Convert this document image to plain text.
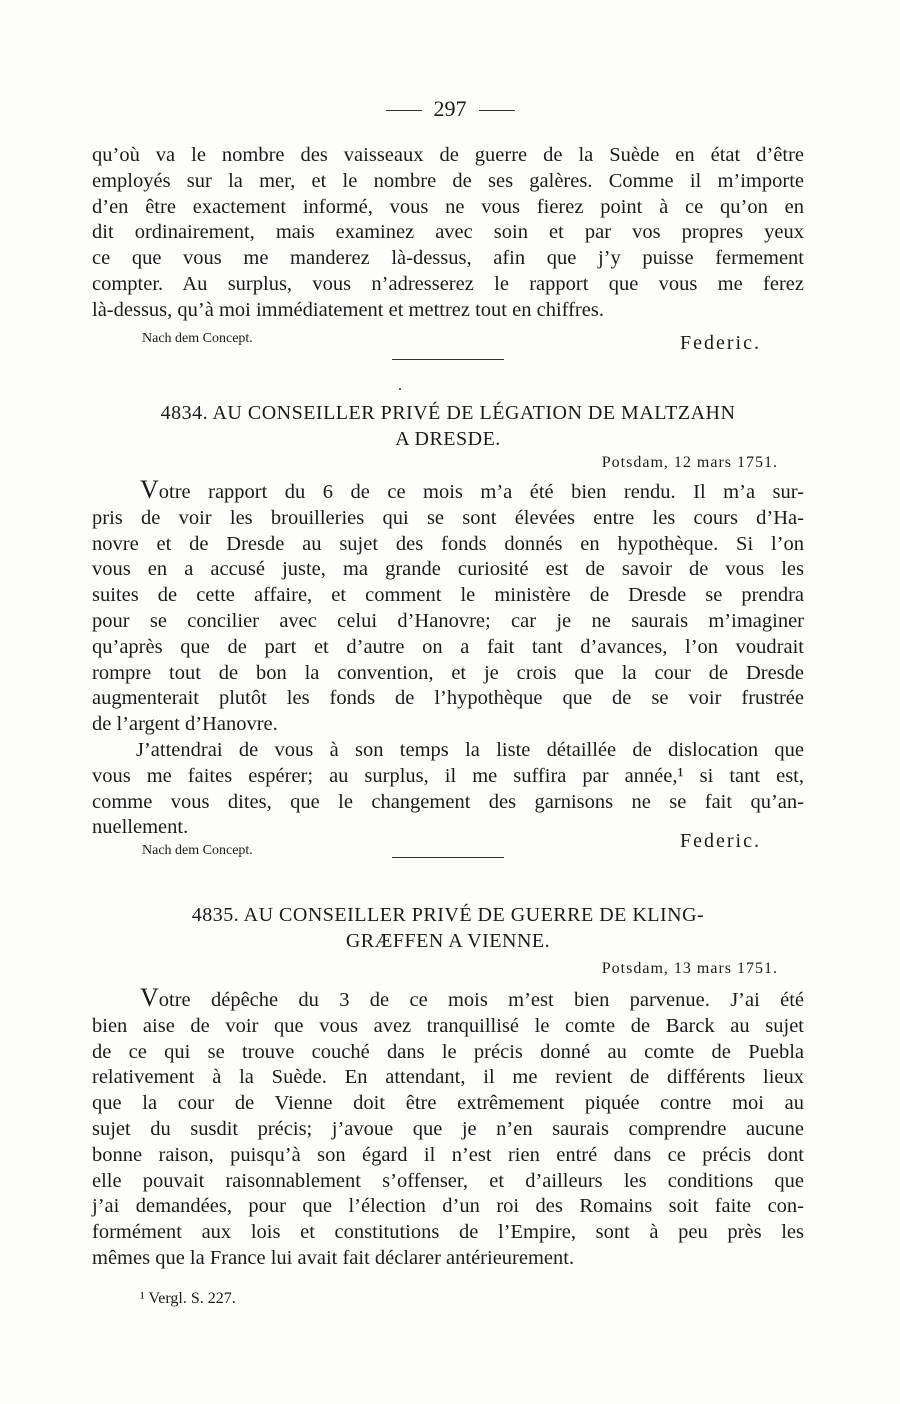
297
qu’où va le nombre des vaisseaux de guerre de la Suède en état d’être
employés sur la mer, et le nombre de ses galères. Comme il m’importe
d’en être exactement informé, vous ne vous fierez point à ce qu’on en
dit ordinairement, mais examinez avec soin et par vos propres yeux
ce que vous me manderez là-dessus, afin que j’y puisse fermement
compter. Au surplus, vous n’adresserez le rapport que vous me ferez
là-dessus, qu’à moi immédiatement et mettrez tout en chiffres.
Nach dem Concept.	Federic.
4834. AU CONSEILLER PRIVÉ DE LÉGATION DE MALTZAHN
A DRESDE.
Potsdam, 12 mars 1751.
Votre rapport du 6 de ce mois m’a été bien rendu. Il m’a sur-
pris de voir les brouilleries qui se sont élevées entre les cours d’Ha-
novre et de Dresde au sujet des fonds donnés en hypothèque. Si l’on
vous en a accusé juste, ma grande curiosité est de savoir de vous les
suites de cette affaire, et comment le ministère de Dresde se prendra
pour se concilier avec celui d’Hanovre; car je ne saurais m’imaginer
qu’après que de part et d’autre on a fait tant d’avances, l’on voudrait
rompre tout de bon la convention, et je crois que la cour de Dresde
augmenterait plutôt les fonds de l’hypothèque que de se voir frustrée
de l’argent d’Hanovre.
J’attendrai de vous à son temps la liste détaillée de dislocation que
vous me faites espérer; au surplus, il me suffira par année,¹ si tant est,
comme vous dites, que le changement des garnisons ne se fait qu’an-
nuellement.
Nach dem Concept.	Federic.
4835. AU CONSEILLER PRIVÉ DE GUERRE DE KLING-
GRÆFFEN A VIENNE.
Potsdam, 13 mars 1751.
Votre dépêche du 3 de ce mois m’est bien parvenue. J’ai été
bien aise de voir que vous avez tranquillisé le comte de Barck au sujet
de ce qui se trouve couché dans le précis donné au comte de Puebla
relativement à la Suède. En attendant, il me revient de différents lieux
que la cour de Vienne doit être extrêmement piquée contre moi au
sujet du susdit précis; j’avoue que je n’en saurais comprendre aucune
bonne raison, puisqu’à son égard il n’est rien entré dans ce précis dont
elle pouvait raisonnablement s’offenser, et d’ailleurs les conditions que
j’ai demandées, pour que l’élection d’un roi des Romains soit faite con-
formément aux lois et constitutions de l’Empire, sont à peu près les
mêmes que la France lui avait fait déclarer antérieurement.
¹ Vergl. S. 227.
